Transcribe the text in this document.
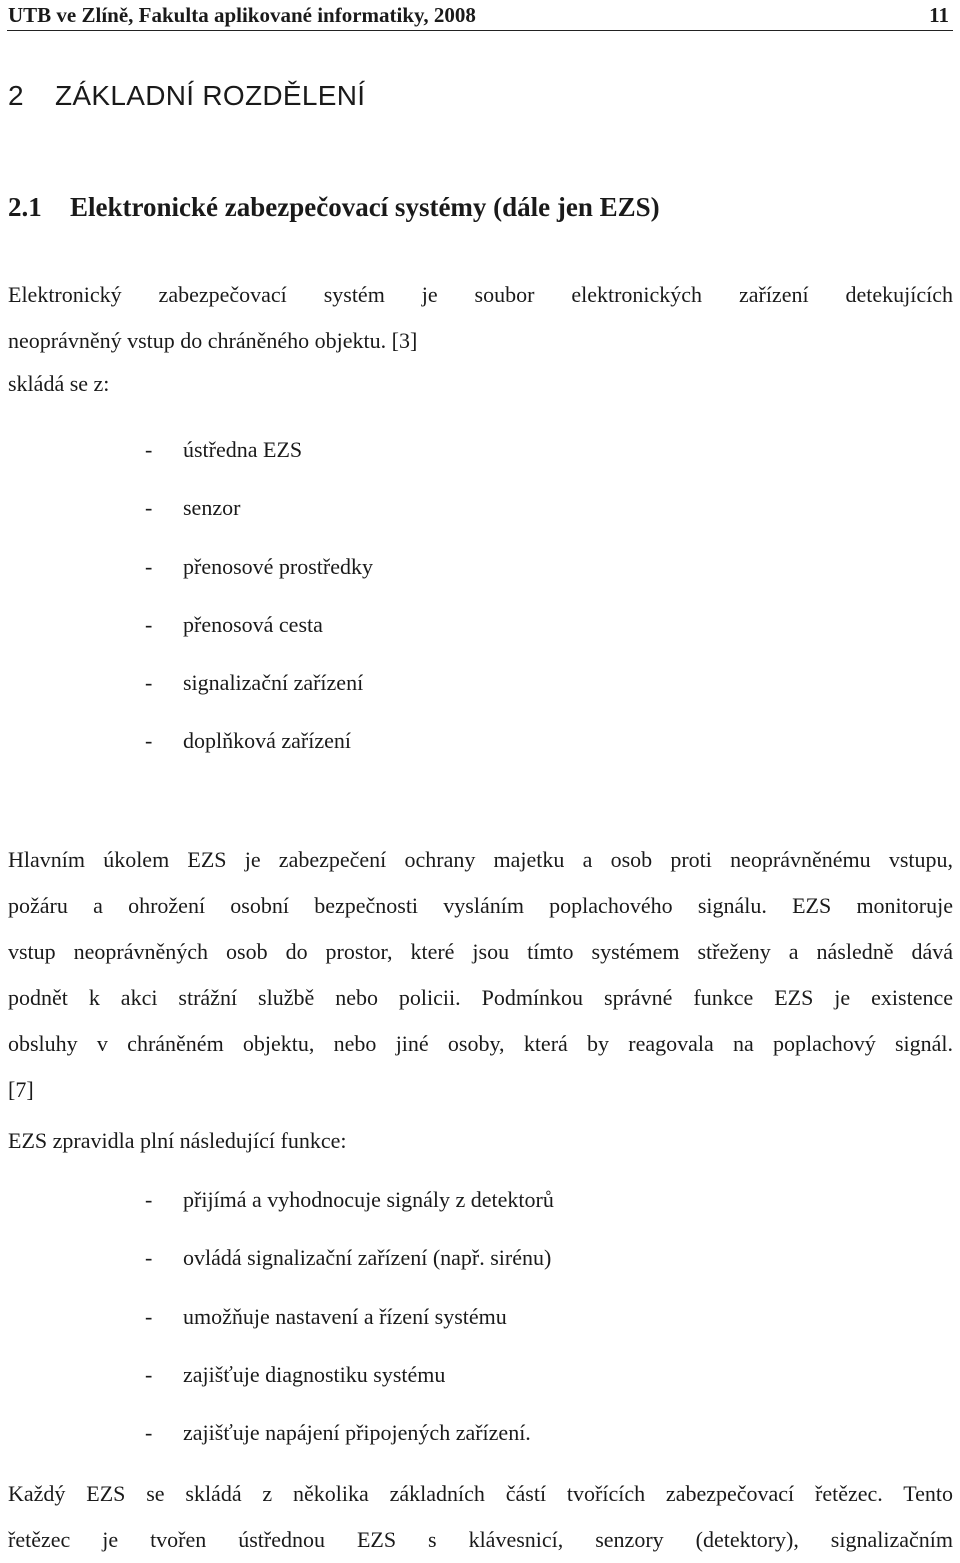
UTB ve Zlíně, Fakulta aplikované informatiky, 2008	11
2 ZÁKLADNÍ ROZDĚLENÍ
2.1 Elektronické zabezpečovací systémy (dále jen EZS)
Elektronický zabezpečovací systém je soubor elektronických zařízení detekujících
neoprávněný vstup do chráněného objektu. [3]
skládá se z:
- ústředna EZS
- senzor
- přenosové prostředky
- přenosová cesta
- signalizační zařízení
- doplňková zařízení
Hlavním úkolem EZS je zabezpečení ochrany majetku a osob proti neoprávněnému vstupu,
požáru a ohrožení osobní bezpečnosti vysláním poplachového signálu. EZS monitoruje
vstup neoprávněných osob do prostor, které jsou tímto systémem střeženy a následně dává
podnět k akci strážní službě nebo policii. Podmínkou správné funkce EZS je existence
obsluhy v chráněném objektu, nebo jiné osoby, která by reagovala na poplachový signál.
[7]
EZS zpravidla plní následující funkce:
- přijímá a vyhodnocuje signály z detektorů
- ovládá signalizační zařízení (např. sirénu)
- umožňuje nastavení a řízení systému
- zajišťuje diagnostiku systému
- zajišťuje napájení připojených zařízení.
Každý EZS se skládá z několika základních částí tvořících zabezpečovací řetězec. Tento
řetězec je tvořen ústřednou EZS s klávesnicí, senzory (detektory), signalizačním
